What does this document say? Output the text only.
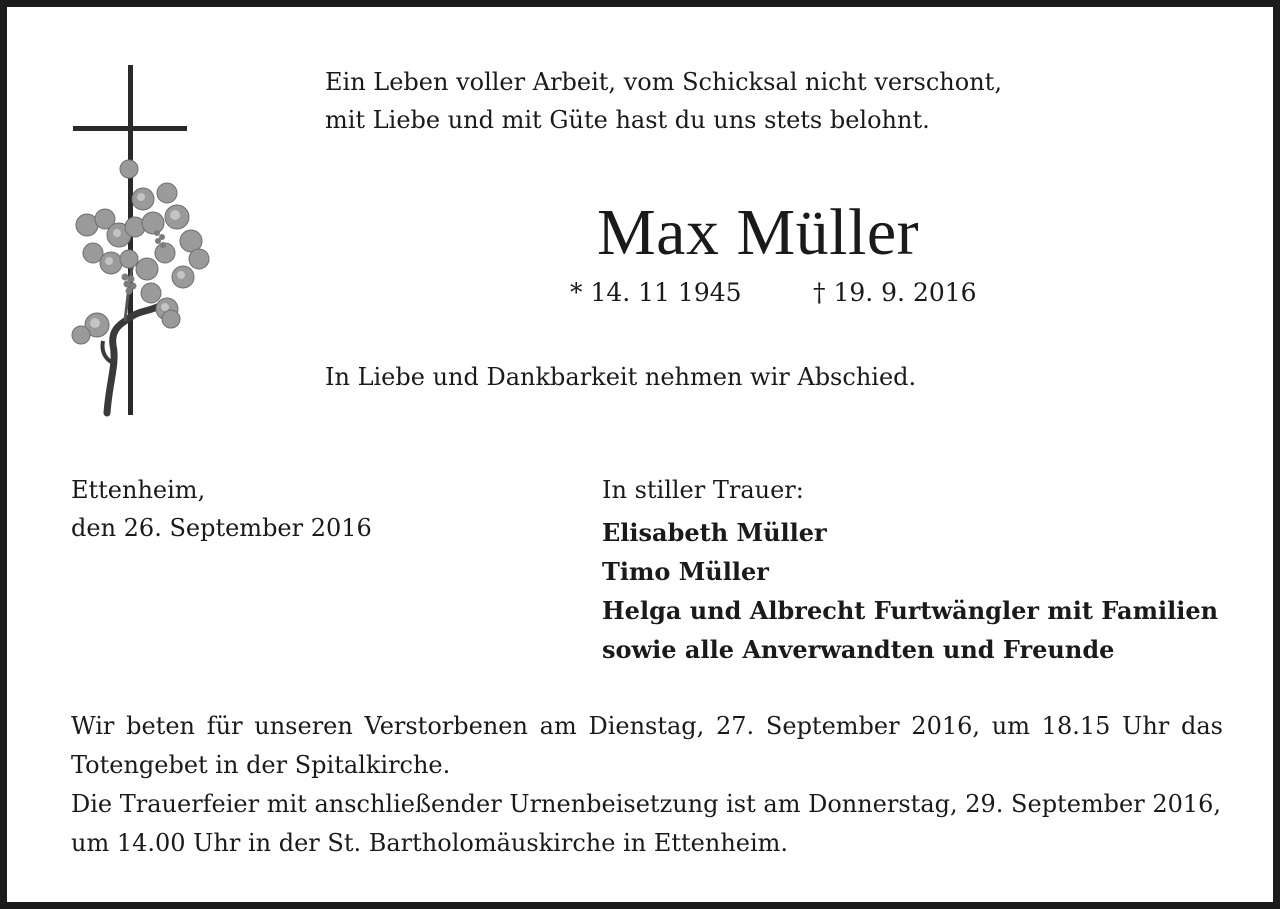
Ein Leben voller Arbeit, vom Schicksal nicht verschont,
mit Liebe und mit Güte hast du uns stets belohnt.
Max Müller
* 14. 11 1945	† 19. 9. 2016
In Liebe und Dankbarkeit nehmen wir Abschied.
Ettenheim,
den 26. September 2016
In stiller Trauer:
Elisabeth Müller
Timo Müller
Helga und Albrecht Furtwängler mit Familien
sowie alle Anverwandten und Freunde
Wir beten für unseren Verstorbenen am Dienstag, 27. September 2016, um 18.15 Uhr das Totengebet in der Spitalkirche.
Die Trauerfeier mit anschließender Urnenbeisetzung ist am Donnerstag, 29. September 2016, um 14.00 Uhr in der St. Bartholomäuskirche in Ettenheim.
